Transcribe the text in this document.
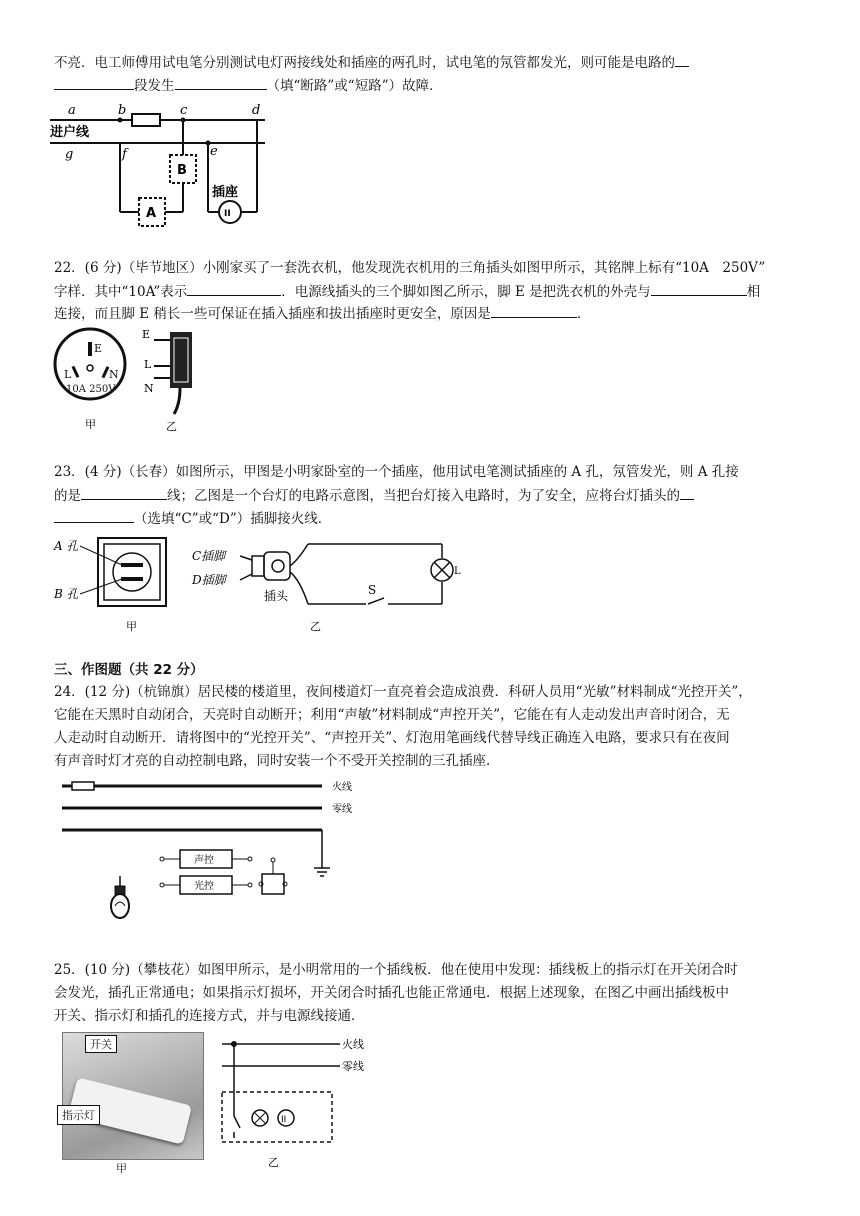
不亮．电工师傅用试电笔分别测试电灯两接线处和插座的两孔时，试电笔的氖管都发光，则可能是电路的
段发生	（填“断路”或“短路”）故障．
a	b	c	d
g	f	e
进户线
B
A
插座
II
22．(6 分)（毕节地区）小刚家买了一套洗衣机，他发现洗衣机用的三角插头如图甲所示，其铭牌上标有“10A　250V”
字样．其中“10A”表示	．电源线插头的三个脚如图乙所示，脚 E 是把洗衣机的外壳与	相
连接，而且脚 E 稍长一些可保证在插入插座和拔出插座时更安全，原因是	．
E
L	N
10A 250V
甲
E
L
N
乙
23．(4 分)（长春）如图所示，甲图是小明家卧室的一个插座，他用试电笔测试插座的 A 孔，氖管发光，则 A 孔接
的是	线；乙图是一个台灯的电路示意图，当把台灯接入电路时，为了安全，应将台灯插头的
（选填“C”或“D”）插脚接火线．
A 孔
B 孔
甲
C插脚
D插脚
插头	S
L
乙
三、作图题（共 22 分）
24．(12 分)（杭锦旗）居民楼的楼道里，夜间楼道灯一直亮着会造成浪费．科研人员用“光敏”材料制成“光控开关”，
它能在天黑时自动闭合，天亮时自动断开；利用“声敏”材料制成“声控开关”，它能在有人走动发出声音时闭合，无
人走动时自动断开．请将图中的“光控开关”、“声控开关”、灯泡用笔画线代替导线正确连入电路，要求只有在夜间
有声音时灯才亮的自动控制电路，同时安装一个不受开关控制的三孔插座．
火线
零线
声控
光控
25．(10 分)（攀枝花）如图甲所示，是小明常用的一个插线板．他在使用中发现：插线板上的指示灯在开关闭合时
会发光，插孔正常通电；如果指示灯损坏，开关闭合时插孔也能正常通电．根据上述现象，在图乙中画出插线板中
开关、指示灯和插孔的连接方式，并与电源线接通．
开关
指示灯
甲
II
火线
零线
乙
